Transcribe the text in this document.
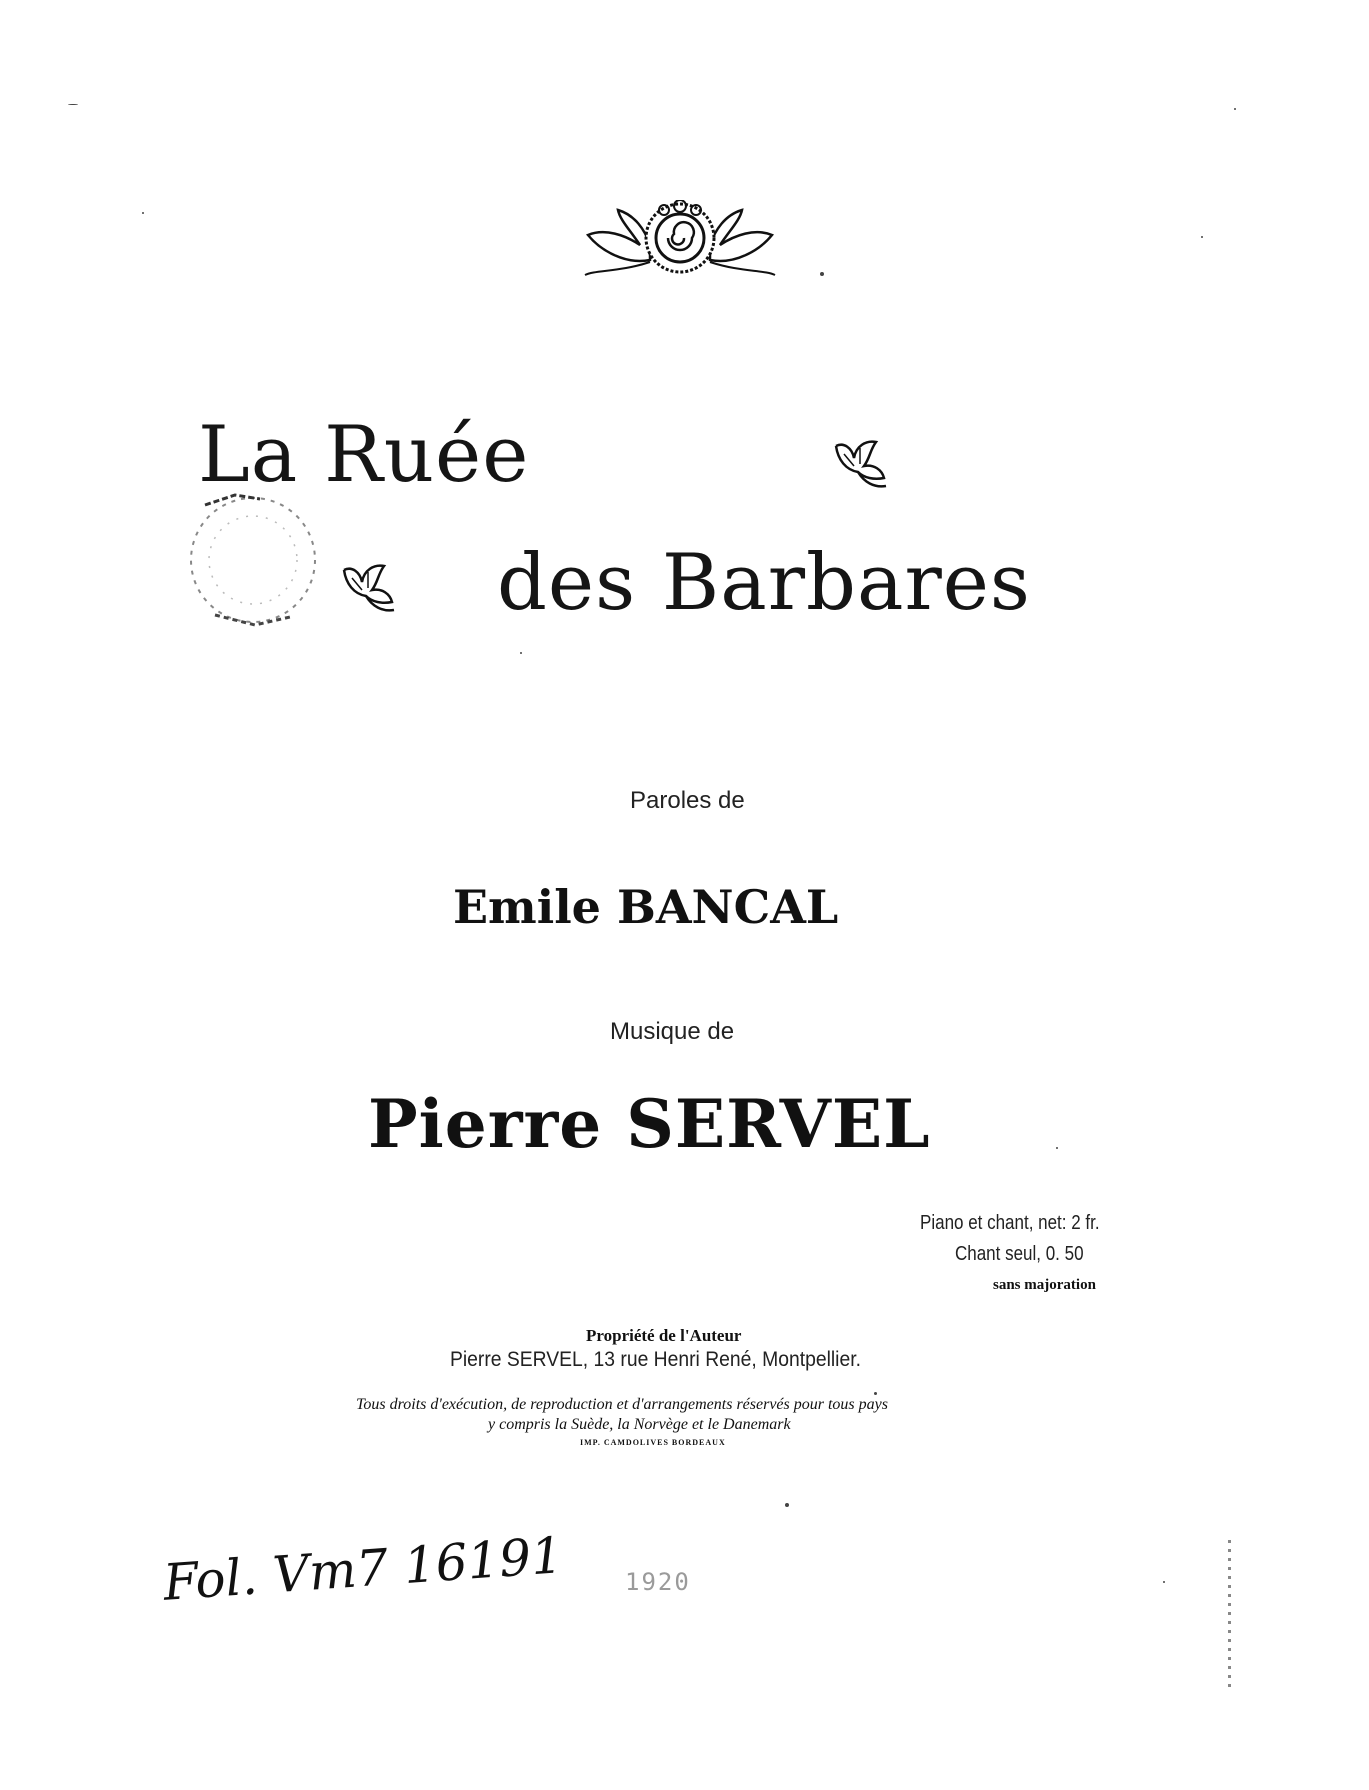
La Ruée
des Barbares
Paroles de
Emile BANCAL
Musique de
Pierre SERVEL
Piano et chant, net: 2 fr.
Chant seul, 0. 50
sans majoration
Propriété de l'Auteur
Pierre SERVEL, 13 rue Henri René, Montpellier.
Tous droits d'exécution, de reproduction et d'arrangements réservés pour tous pays
y compris la Suède, la Norvège et le Danemark
IMP. CAMDOLIVES BORDEAUX
Fol. Vm7 16191	1920
